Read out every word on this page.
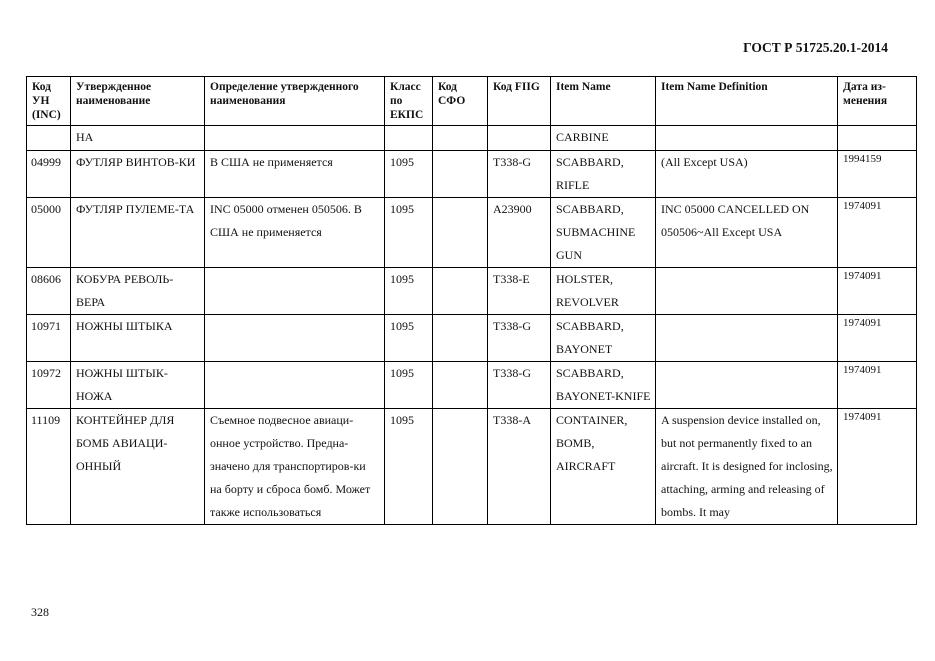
ГОСТ Р 51725.20.1-2014
Код УН (INC)	Утвержденное наименование	Определение утвержденного наименования	Класс по ЕКПС	Код СФО	Код FIIG	Item Name	Item Name Definition	Дата из-менения
	НА					CARBINE		
04999	ФУТЛЯР ВИНТОВ-КИ	В США не применяется	1095		T338-G	SCABBARD, RIFLE	(All Except USA)	1994159
05000	ФУТЛЯР ПУЛЕМЕ-ТА	INC 05000 отменен 050506. В США не применяется	1095		A23900	SCABBARD, SUBMACHINE GUN	INC 05000 CANCELLED ON 050506~All Except USA	1974091
08606	КОБУРА РЕВОЛЬ-ВЕРА		1095		T338-E	HOLSTER, REVOLVER		1974091
10971	НОЖНЫ ШТЫКА		1095		T338-G	SCABBARD, BAYONET		1974091
10972	НОЖНЫ ШТЫК-НОЖА		1095		T338-G	SCABBARD, BAYONET-KNIFE		1974091
11109	КОНТЕЙНЕР ДЛЯ БОМБ АВИАЦИ-ОННЫЙ	Съемное подвесное авиаци-онное устройство. Предна-значено для транспортиров-ки на борту и сброса бомб. Может также использоваться	1095		T338-A	CONTAINER, BOMB, AIRCRAFT	A suspension device installed on, but not permanently fixed to an aircraft. It is designed for inclosing, attaching, arming and releasing of bombs. It may	1974091
328
